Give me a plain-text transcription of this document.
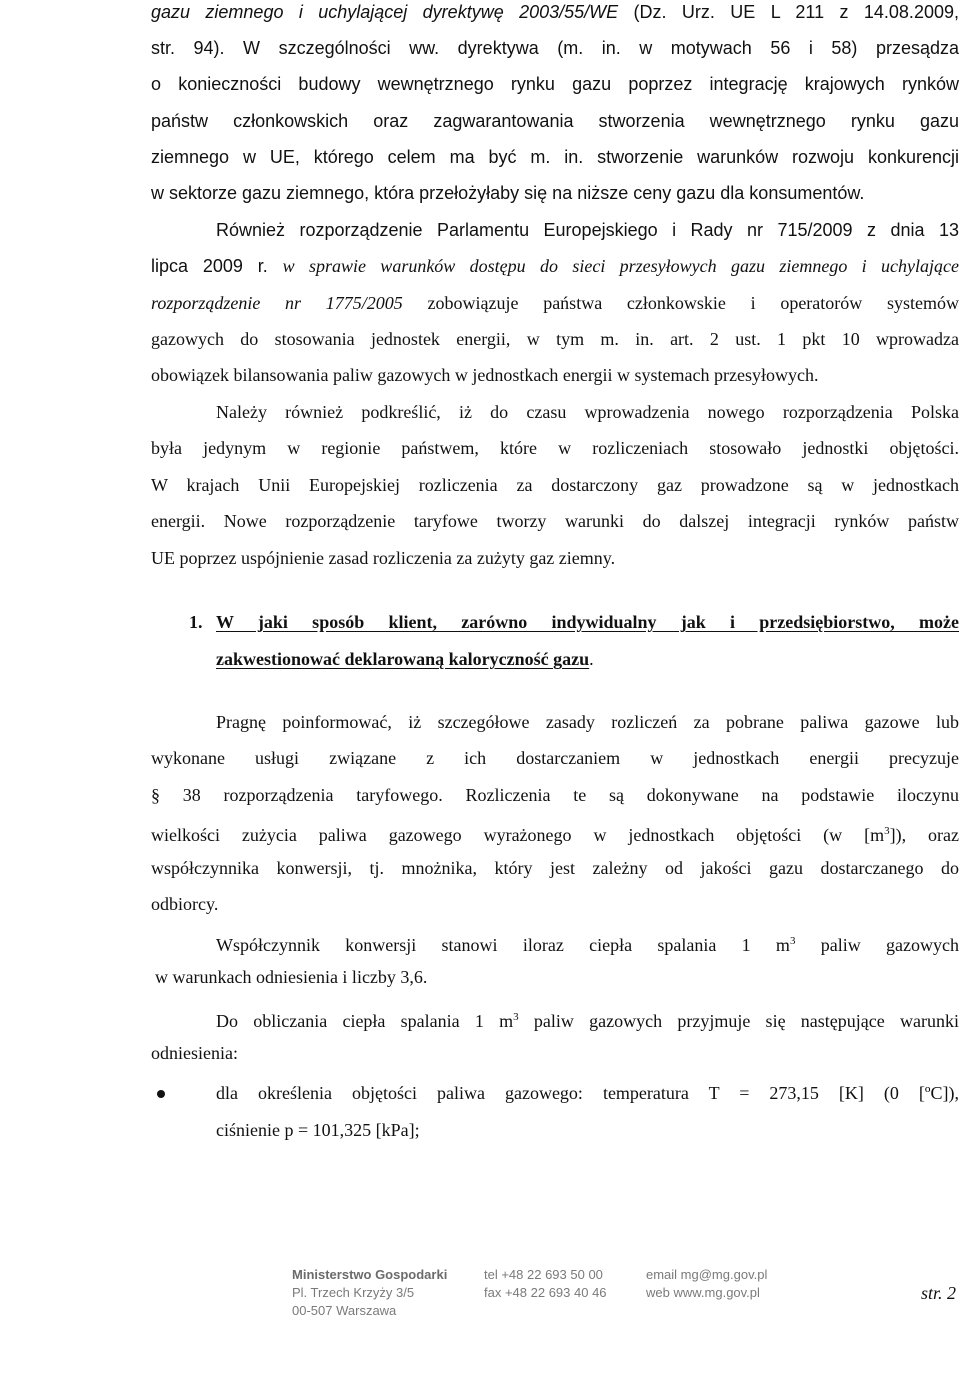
gazu ziemnego i uchylającej dyrektywę 2003/55/WE (Dz. Urz. UE L 211 z 14.08.2009,
str. 94). W szczególności ww. dyrektywa (m. in. w motywach 56 i 58) przesądza
o konieczności budowy wewnętrznego rynku gazu poprzez integrację krajowych rynków
państw członkowskich oraz zagwarantowania stworzenia wewnętrznego rynku gazu
ziemnego w UE, którego celem ma być m. in. stworzenie warunków rozwoju konkurencji
w sektorze gazu ziemnego, która przełożyłaby się na niższe ceny gazu dla konsumentów.
Również rozporządzenie Parlamentu Europejskiego i Rady nr 715/2009 z dnia 13
lipca 2009 r. w sprawie warunków dostępu do sieci przesyłowych gazu ziemnego i uchylające
rozporządzenie nr 1775/2005 zobowiązuje państwa członkowskie i operatorów systemów
gazowych do stosowania jednostek energii, w tym m. in. art. 2 ust. 1 pkt 10 wprowadza
obowiązek bilansowania paliw gazowych w jednostkach energii w systemach przesyłowych.
Należy również podkreślić, iż do czasu wprowadzenia nowego rozporządzenia Polska
była jedynym w regionie państwem, które w rozliczeniach stosowało jednostki objętości.
W krajach Unii Europejskiej rozliczenia za dostarczony gaz prowadzone są w jednostkach
energii. Nowe rozporządzenie taryfowe tworzy warunki do dalszej integracji rynków państw
UE poprzez uspójnienie zasad rozliczenia za zużyty gaz ziemny.
1. W jaki sposób klient, zarówno indywidualny jak i przedsiębiorstwo, może
zakwestionować deklarowaną kaloryczność gazu.
Pragnę poinformować, iż szczegółowe zasady rozliczeń za pobrane paliwa gazowe lub
wykonane usługi związane z ich dostarczaniem w jednostkach energii precyzuje
§ 38 rozporządzenia taryfowego. Rozliczenia te są dokonywane na podstawie iloczynu
wielkości zużycia paliwa gazowego wyrażonego w jednostkach objętości (w $[m^3]$), oraz
współczynnika konwersji, tj. mnożnika, który jest zależny od jakości gazu dostarczanego do
odbiorcy.
Współczynnik konwersji stanowi iloraz ciepła spalania 1 $m^3$ paliw gazowych
w warunkach odniesienia i liczby 3,6.
Do obliczania ciepła spalania 1 $m^3$ paliw gazowych przyjmuje się następujące warunki
odniesienia:
dla określenia objętości paliwa gazowego: temperatura T = 273,15 [K] (0 [ºC]),
ciśnienie p = 101,325 [kPa];
Ministerstwo Gospodarki
Pl. Trzech Krzyży 3/5
00-507 Warszawa
tel +48 22 693 50 00
fax +48 22 693 40 46
email mg@mg.gov.pl
web www.mg.gov.pl	str. 2
